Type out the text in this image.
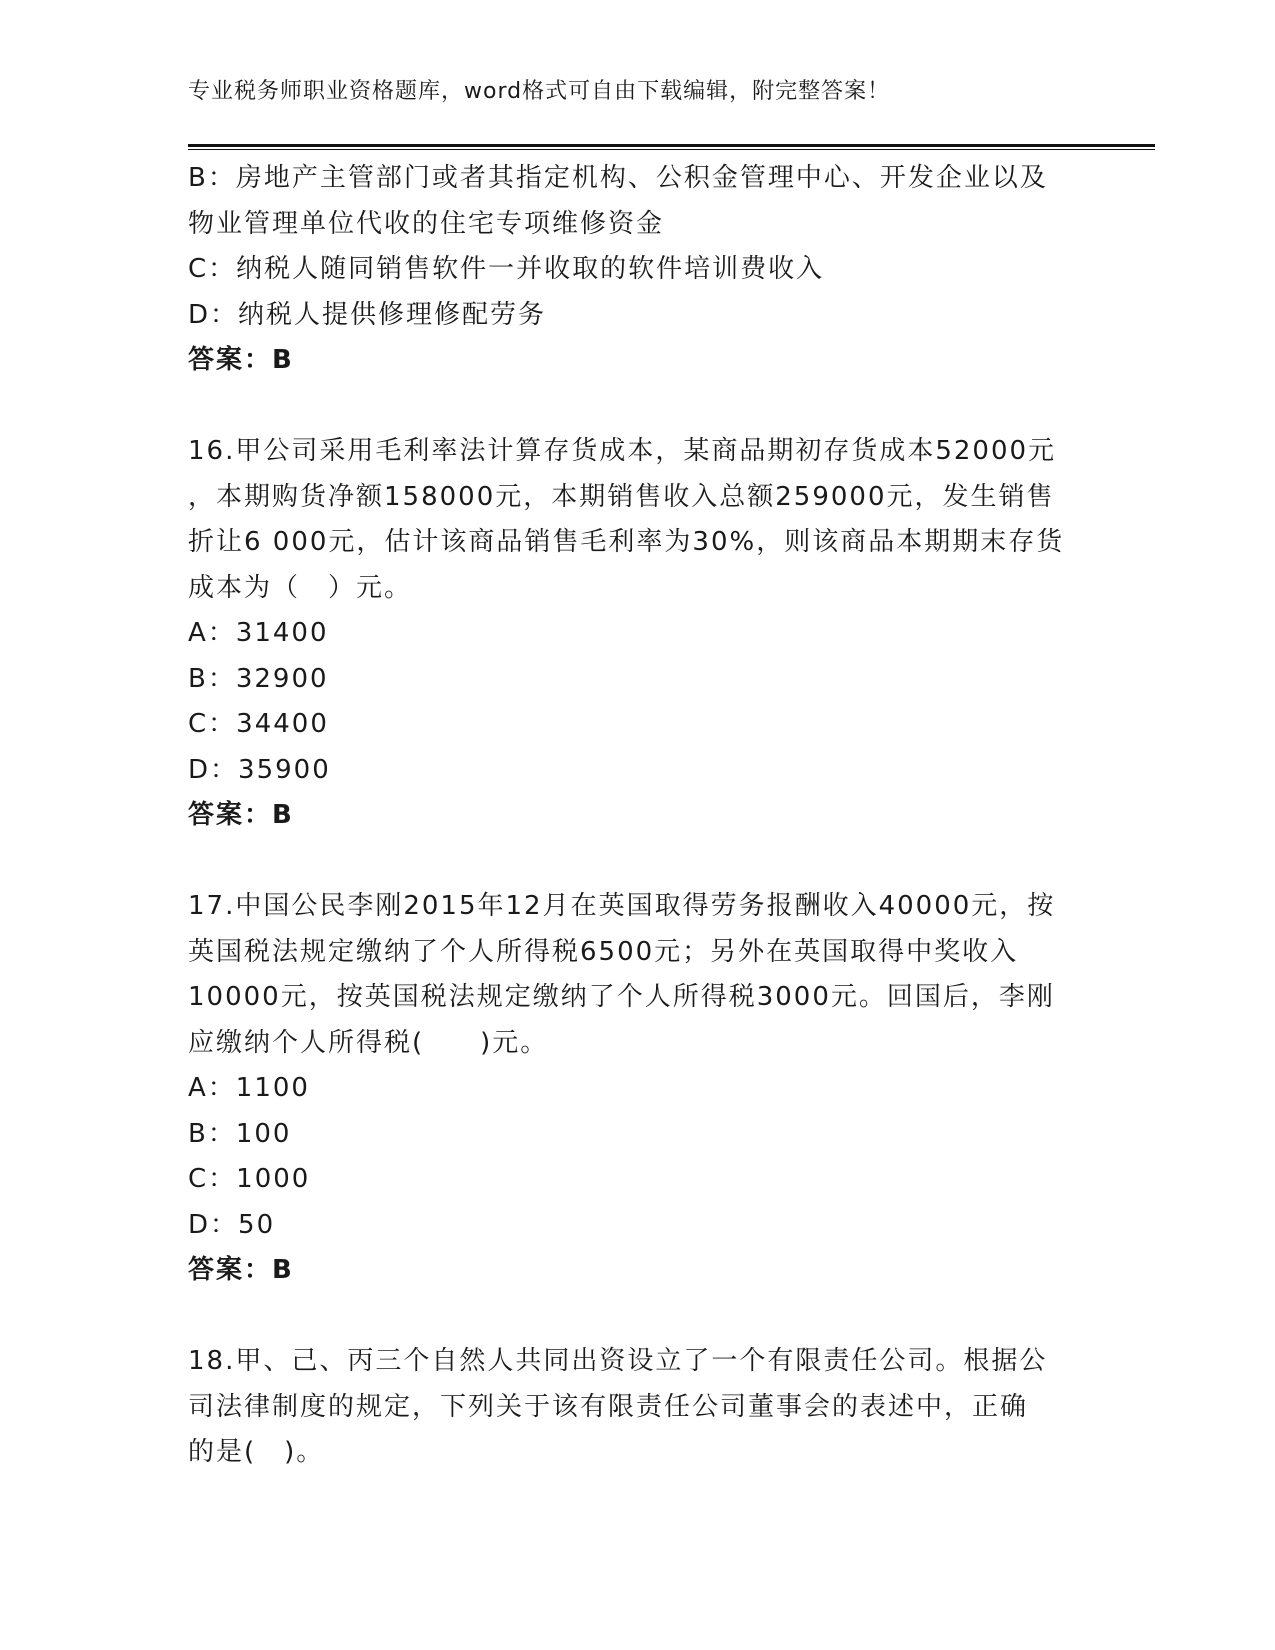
专业税务师职业资格题库，word格式可自由下载编辑，附完整答案！
B：房地产主管部门或者其指定机构、公积金管理中心、开发企业以及
物业管理单位代收的住宅专项维修资金
C：纳税人随同销售软件一并收取的软件培训费收入
D：纳税人提供修理修配劳务
答案：B
16.甲公司采用毛利率法计算存货成本，某商品期初存货成本52000元
，本期购货净额158000元，本期销售收入总额259000元，发生销售
折让6 000元，估计该商品销售毛利率为30%，则该商品本期期末存货
成本为（　）元。
A：31400
B：32900
C：34400
D：35900
答案：B
17.中国公民李刚2015年12月在英国取得劳务报酬收入40000元，按
英国税法规定缴纳了个人所得税6500元；另外在英国取得中奖收入
10000元，按英国税法规定缴纳了个人所得税3000元。回国后，李刚
应缴纳个人所得税(　　)元。
A：1100
B：100
C：1000
D：50
答案：B
18.甲、己、丙三个自然人共同出资设立了一个有限责任公司。根据公
司法律制度的规定，下列关于该有限责任公司董事会的表述中，正确
的是(　)。
